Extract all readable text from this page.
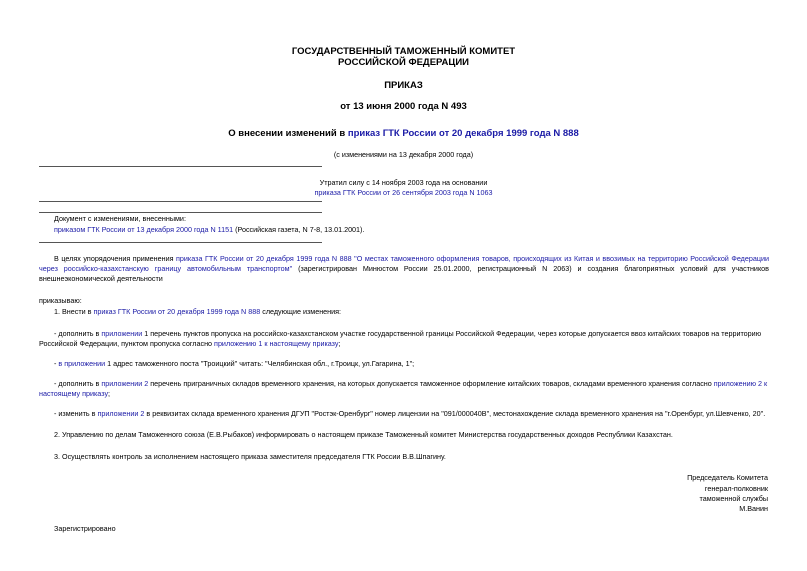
ГОСУДАРСТВЕННЫЙ ТАМОЖЕННЫЙ КОМИТЕТ
РОССИЙСКОЙ ФЕДЕРАЦИИ
ПРИКАЗ
от 13 июня 2000 года N 493
О внесении изменений в приказ ГТК России от 20 декабря 1999 года N 888
(с изменениями на 13 декабря 2000 года)
Утратил силу с 14 ноября 2003 года на основании
приказа ГТК России от 26 сентября 2003 года N 1063
Документ с изменениями, внесенными:
приказом ГТК России от 13 декабря 2000 года N 1151 (Российская газета, N 7-8, 13.01.2001).
В целях упорядочения применения приказа ГТК России от 20 декабря 1999 года N 888 "О местах таможенного оформления товаров, происходящих из Китая и ввозимых на территорию Российской Федерации через российско-казахстанскую границу автомобильным транспортом" (зарегистрирован Минюстом России 25.01.2000, регистрационный N 2063) и создания благоприятных условий для участников внешнеэкономической деятельности
приказываю:
1. Внести в приказ ГТК России от 20 декабря 1999 года N 888 следующие изменения:
- дополнить в приложении 1 перечень пунктов пропуска на российско-казахстанском участке государственной границы Российской Федерации, через которые допускается ввоз китайских товаров на территорию Российской Федерации, пунктом пропуска согласно приложению 1 к настоящему приказу;
- в приложении 1 адрес таможенного поста "Троицкий" читать: "Челябинская обл., г.Троицк, ул.Гагарина, 1";
- дополнить в приложении 2 перечень приграничных складов временного хранения, на которых допускается таможенное оформление китайских товаров, складами временного хранения согласно приложению 2 к настоящему приказу;
- изменить в приложении 2 в реквизитах склада временного хранения ДГУП "Ростэк-Оренбург" номер лицензии на "091/000040В", местонахождение склада временного хранения на "г.Оренбург, ул.Шевченко, 20".
2. Управлению по делам Таможенного союза (Е.В.Рыбаков) информировать о настоящем приказе Таможенный комитет Министерства государственных доходов Республики Казахстан.
3. Осуществлять контроль за исполнением настоящего приказа заместителя председателя ГТК России В.В.Шпагину.
Председатель Комитета
генерал-полковник
таможенной службы
М.Ванин
Зарегистрировано
